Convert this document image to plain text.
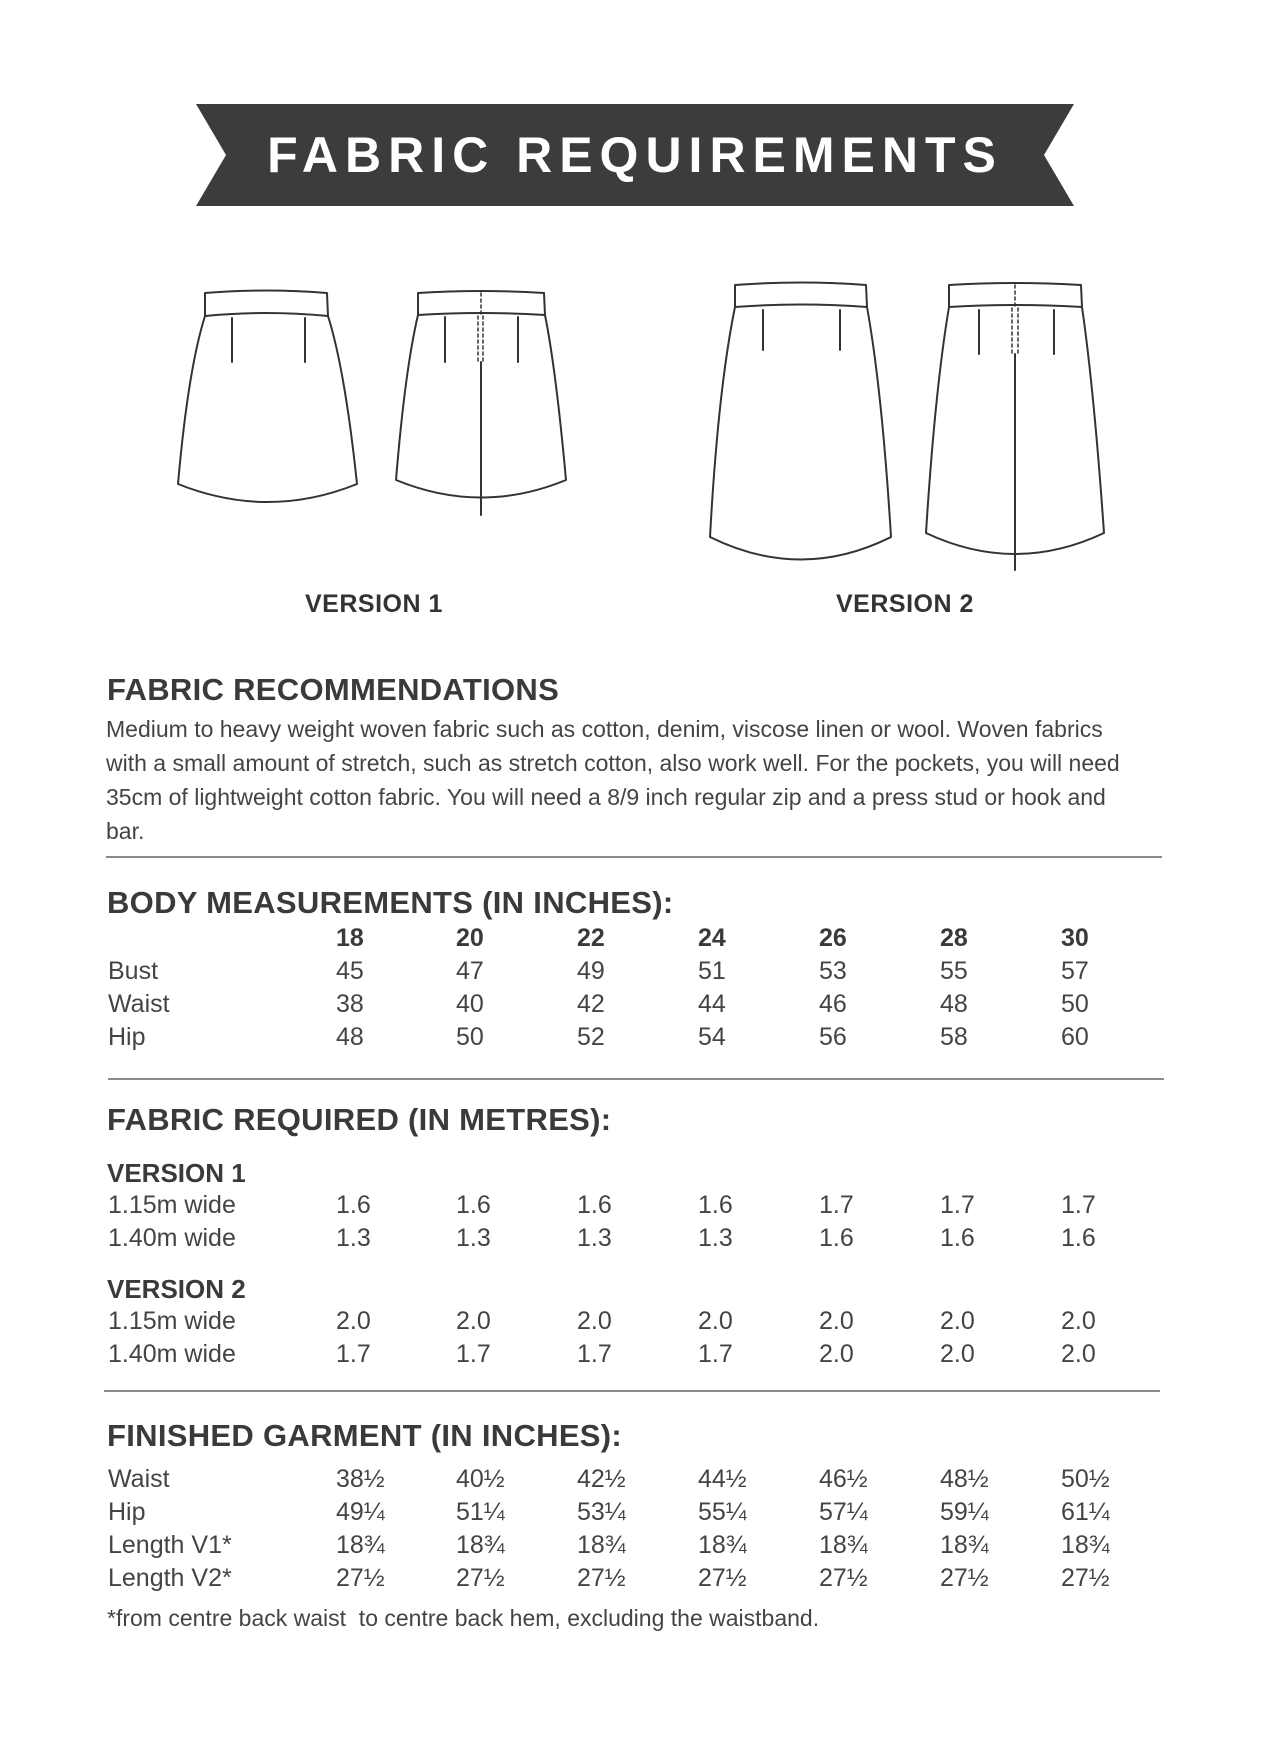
FABRIC REQUIREMENTS
VERSION 1	VERSION 2
FABRIC RECOMMENDATIONS
Medium to heavy weight woven fabric such as cotton, denim, viscose linen or wool. Woven fabrics
with a small amount of stretch, such as stretch cotton, also work well. For the pockets, you will need
35cm of lightweight cotton fabric. You will need a 8/9 inch regular zip and a press stud or hook and
bar.
BODY MEASUREMENTS (IN INCHES):
18	20	22	24	26	28	30
Bust	45	47	49	51	53	55	57
Waist	38	40	42	44	46	48	50
Hip	48	50	52	54	56	58	60
FABRIC REQUIRED (IN METRES):
VERSION 1
1.15m wide	1.6	1.6	1.6	1.6	1.7	1.7	1.7
1.40m wide	1.3	1.3	1.3	1.3	1.6	1.6	1.6
VERSION 2
1.15m wide	2.0	2.0	2.0	2.0	2.0	2.0	2.0
1.40m wide	1.7	1.7	1.7	1.7	2.0	2.0	2.0
FINISHED GARMENT (IN INCHES):
Waist	38½	40½	42½	44½	46½	48½	50½
Hip	49¼	51¼	53¼	55¼	57¼	59¼	61¼
Length V1*	18¾	18¾	18¾	18¾	18¾	18¾	18¾
Length V2*	27½	27½	27½	27½	27½	27½	27½
*from centre back waist  to centre back hem, excluding the waistband.
